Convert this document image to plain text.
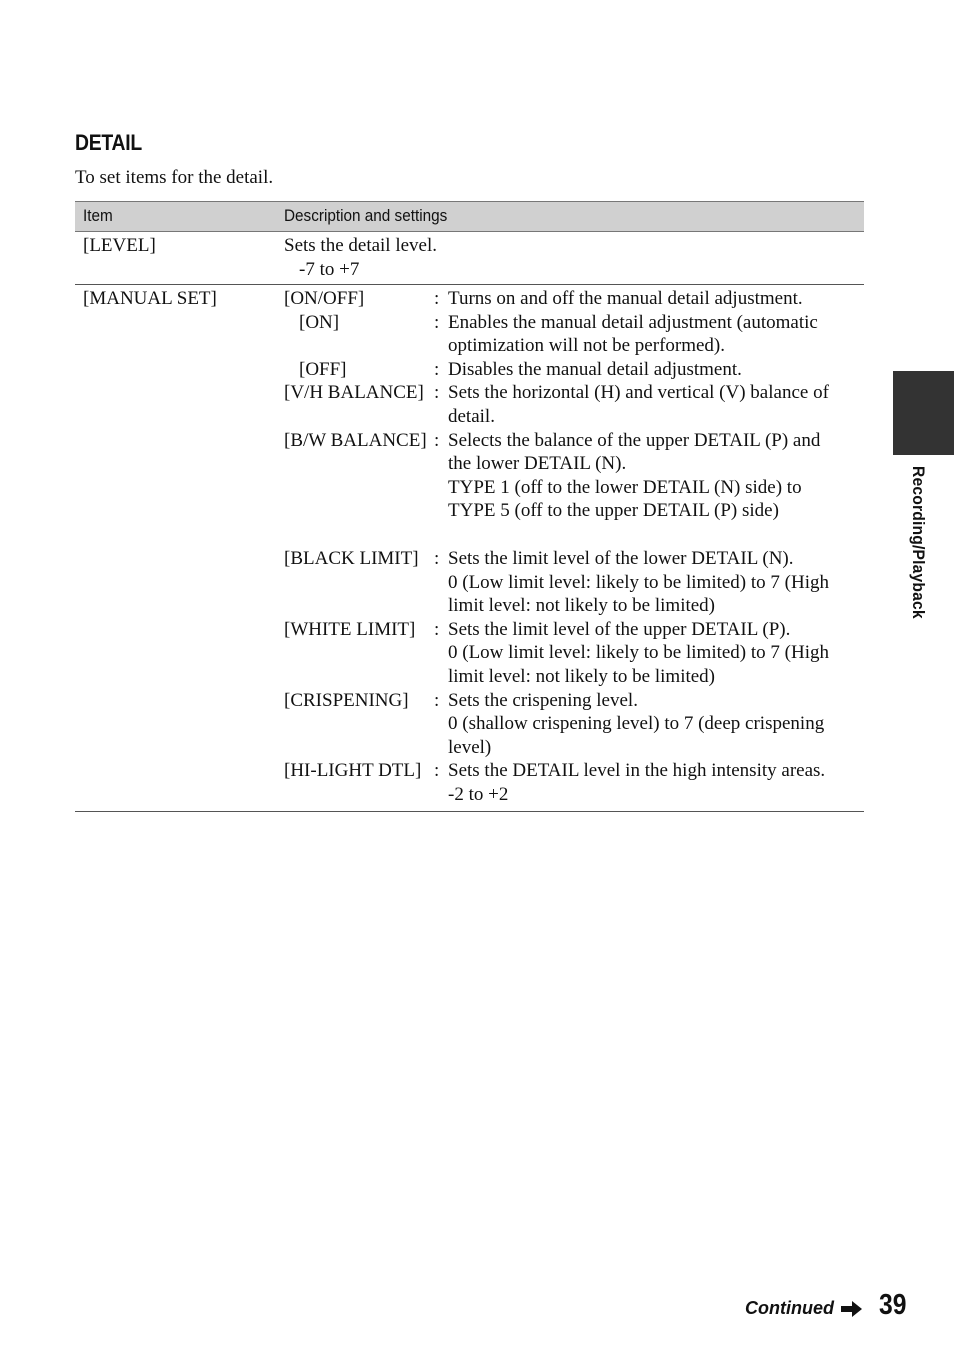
DETAIL
To set items for the detail.
Item	Description and settings
[LEVEL]	Sets the detail level.
-7 to +7
[MANUAL SET]	[ON/OFF]	: Turns on and off the manual detail adjustment.
[ON]	: Enables the manual detail adjustment (automatic
optimization will not be performed).
[OFF]	: Disables the manual detail adjustment.
[V/H BALANCE] : Sets the horizontal (H) and vertical (V) balance of
detail.
[B/W BALANCE] : Selects the balance of the upper DETAIL (P) and
the lower DETAIL (N).
TYPE 1 (off to the lower DETAIL (N) side) to
TYPE 5 (off to the upper DETAIL (P) side)
[BLACK LIMIT] : Sets the limit level of the lower DETAIL (N).
0 (Low limit level: likely to be limited) to 7 (High
limit level: not likely to be limited)
[WHITE LIMIT] : Sets the limit level of the upper DETAIL (P).
0 (Low limit level: likely to be limited) to 7 (High
limit level: not likely to be limited)
[CRISPENING]	: Sets the crispening level.
0 (shallow crispening level) to 7 (deep crispening
level)
[HI-LIGHT DTL] : Sets the DETAIL level in the high intensity areas.
-2 to +2
Recording/Playback
Continued 39
